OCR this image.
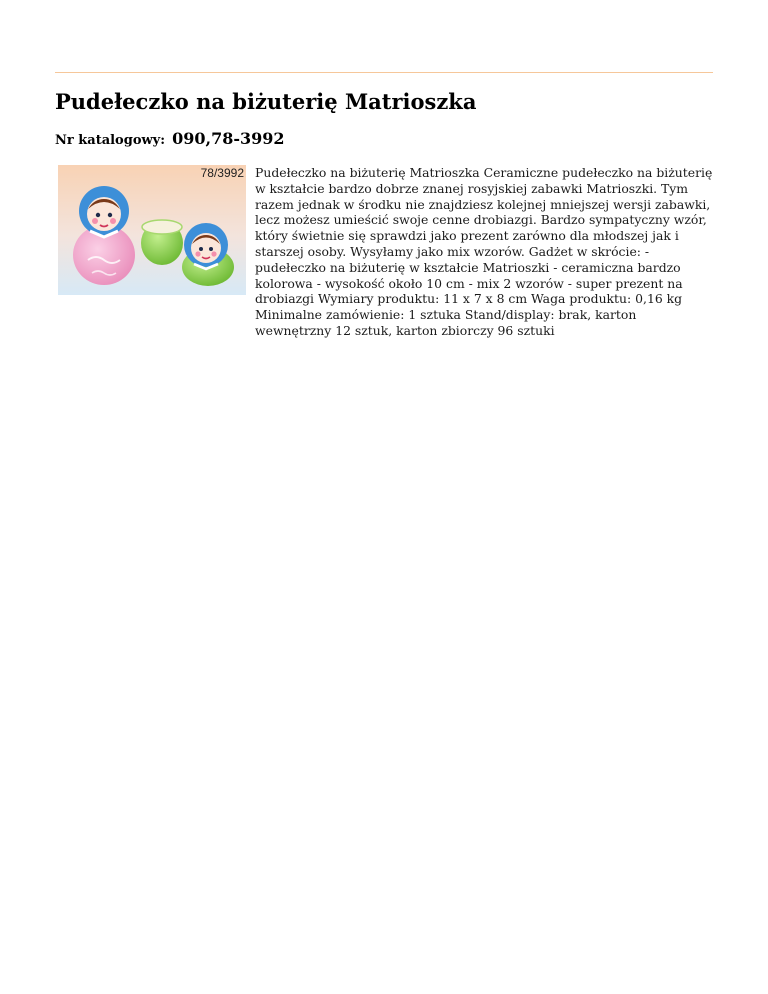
Pudełeczko na biżuterię Matrioszka
Nr katalogowy: 090,78-3992
78/3992 Pudełeczko na biżuterię Matrioszka Ceramiczne pudełeczko na biżuterię w kształcie bardzo dobrze znanej rosyjskiej zabawki Matrioszki. Tym razem jednak w środku nie znajdziesz kolejnej mniejszej wersji zabawki, lecz możesz umieścić swoje cenne drobiazgi. Bardzo sympatyczny wzór, który świetnie się sprawdzi jako prezent zarówno dla młodszej jak i starszej osoby. Wysyłamy jako mix wzorów. Gadżet w skrócie: - pudełeczko na biżuterię w kształcie Matrioszki - ceramiczna bardzo kolorowa - wysokość około 10 cm - mix 2 wzorów - super prezent na drobiazgi Wymiary produktu: 11 x 7 x 8 cm Waga produktu: 0,16 kg Minimalne zamówienie: 1 sztuka Stand/display: brak, karton wewnętrzny 12 sztuk, karton zbiorczy 96 sztuki
